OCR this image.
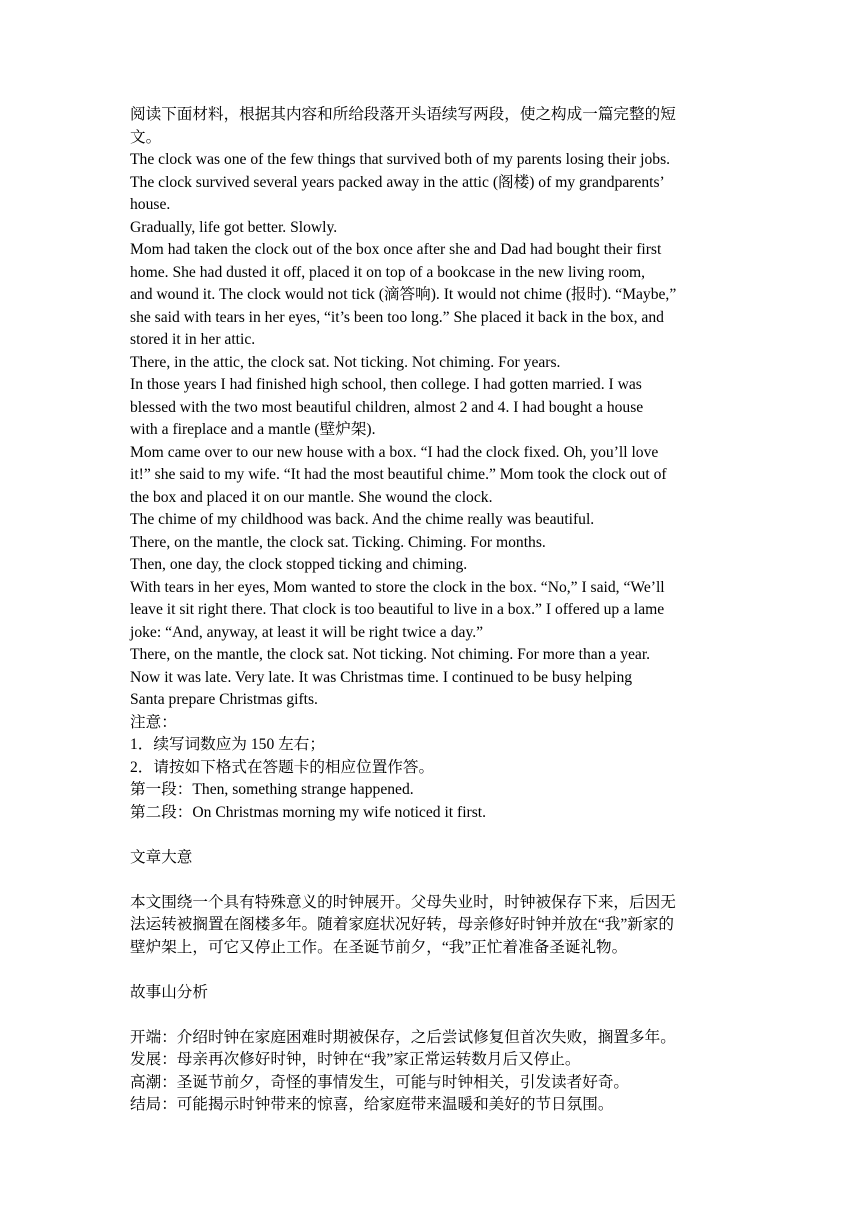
阅读下面材料，根据其内容和所给段落开头语续写两段，使之构成一篇完整的短
文。
The clock was one of the few things that survived both of my parents losing their jobs.
The clock survived several years packed away in the attic (阁楼) of my grandparents’
house.
Gradually, life got better. Slowly.
Mom had taken the clock out of the box once after she and Dad had bought their first
home. She had dusted it off, placed it on top of a bookcase in the new living room,
and wound it. The clock would not tick (滴答响). It would not chime (报时). “Maybe,”
she said with tears in her eyes, “it’s been too long.” She placed it back in the box, and
stored it in her attic.
There, in the attic, the clock sat. Not ticking. Not chiming. For years.
In those years I had finished high school, then college. I had gotten married. I was
blessed with the two most beautiful children, almost 2 and 4. I had bought a house
with a fireplace and a mantle (壁炉架).
Mom came over to our new house with a box. “I had the clock fixed. Oh, you’ll love
it!” she said to my wife. “It had the most beautiful chime.” Mom took the clock out of
the box and placed it on our mantle. She wound the clock.
The chime of my childhood was back. And the chime really was beautiful.
There, on the mantle, the clock sat. Ticking. Chiming. For months.
Then, one day, the clock stopped ticking and chiming.
With tears in her eyes, Mom wanted to store the clock in the box. “No,” I said, “We’ll
leave it sit right there. That clock is too beautiful to live in a box.” I offered up a lame
joke: “And, anyway, at least it will be right twice a day.”
There, on the mantle, the clock sat. Not ticking. Not chiming. For more than a year.
Now it was late. Very late. It was Christmas time. I continued to be busy helping
Santa prepare Christmas gifts.
注意：
1．续写词数应为 150 左右；
2．请按如下格式在答题卡的相应位置作答。
第一段：Then, something strange happened.
第二段：On Christmas morning my wife noticed it first.
文章大意
本文围绕一个具有特殊意义的时钟展开。父母失业时，时钟被保存下来，后因无
法运转被搁置在阁楼多年。随着家庭状况好转，母亲修好时钟并放在“我”新家的
壁炉架上，可它又停止工作。在圣诞节前夕，“我”正忙着准备圣诞礼物。
故事山分析
开端：介绍时钟在家庭困难时期被保存，之后尝试修复但首次失败，搁置多年。
发展：母亲再次修好时钟，时钟在“我”家正常运转数月后又停止。
高潮：圣诞节前夕，奇怪的事情发生，可能与时钟相关，引发读者好奇。
结局：可能揭示时钟带来的惊喜，给家庭带来温暖和美好的节日氛围。
